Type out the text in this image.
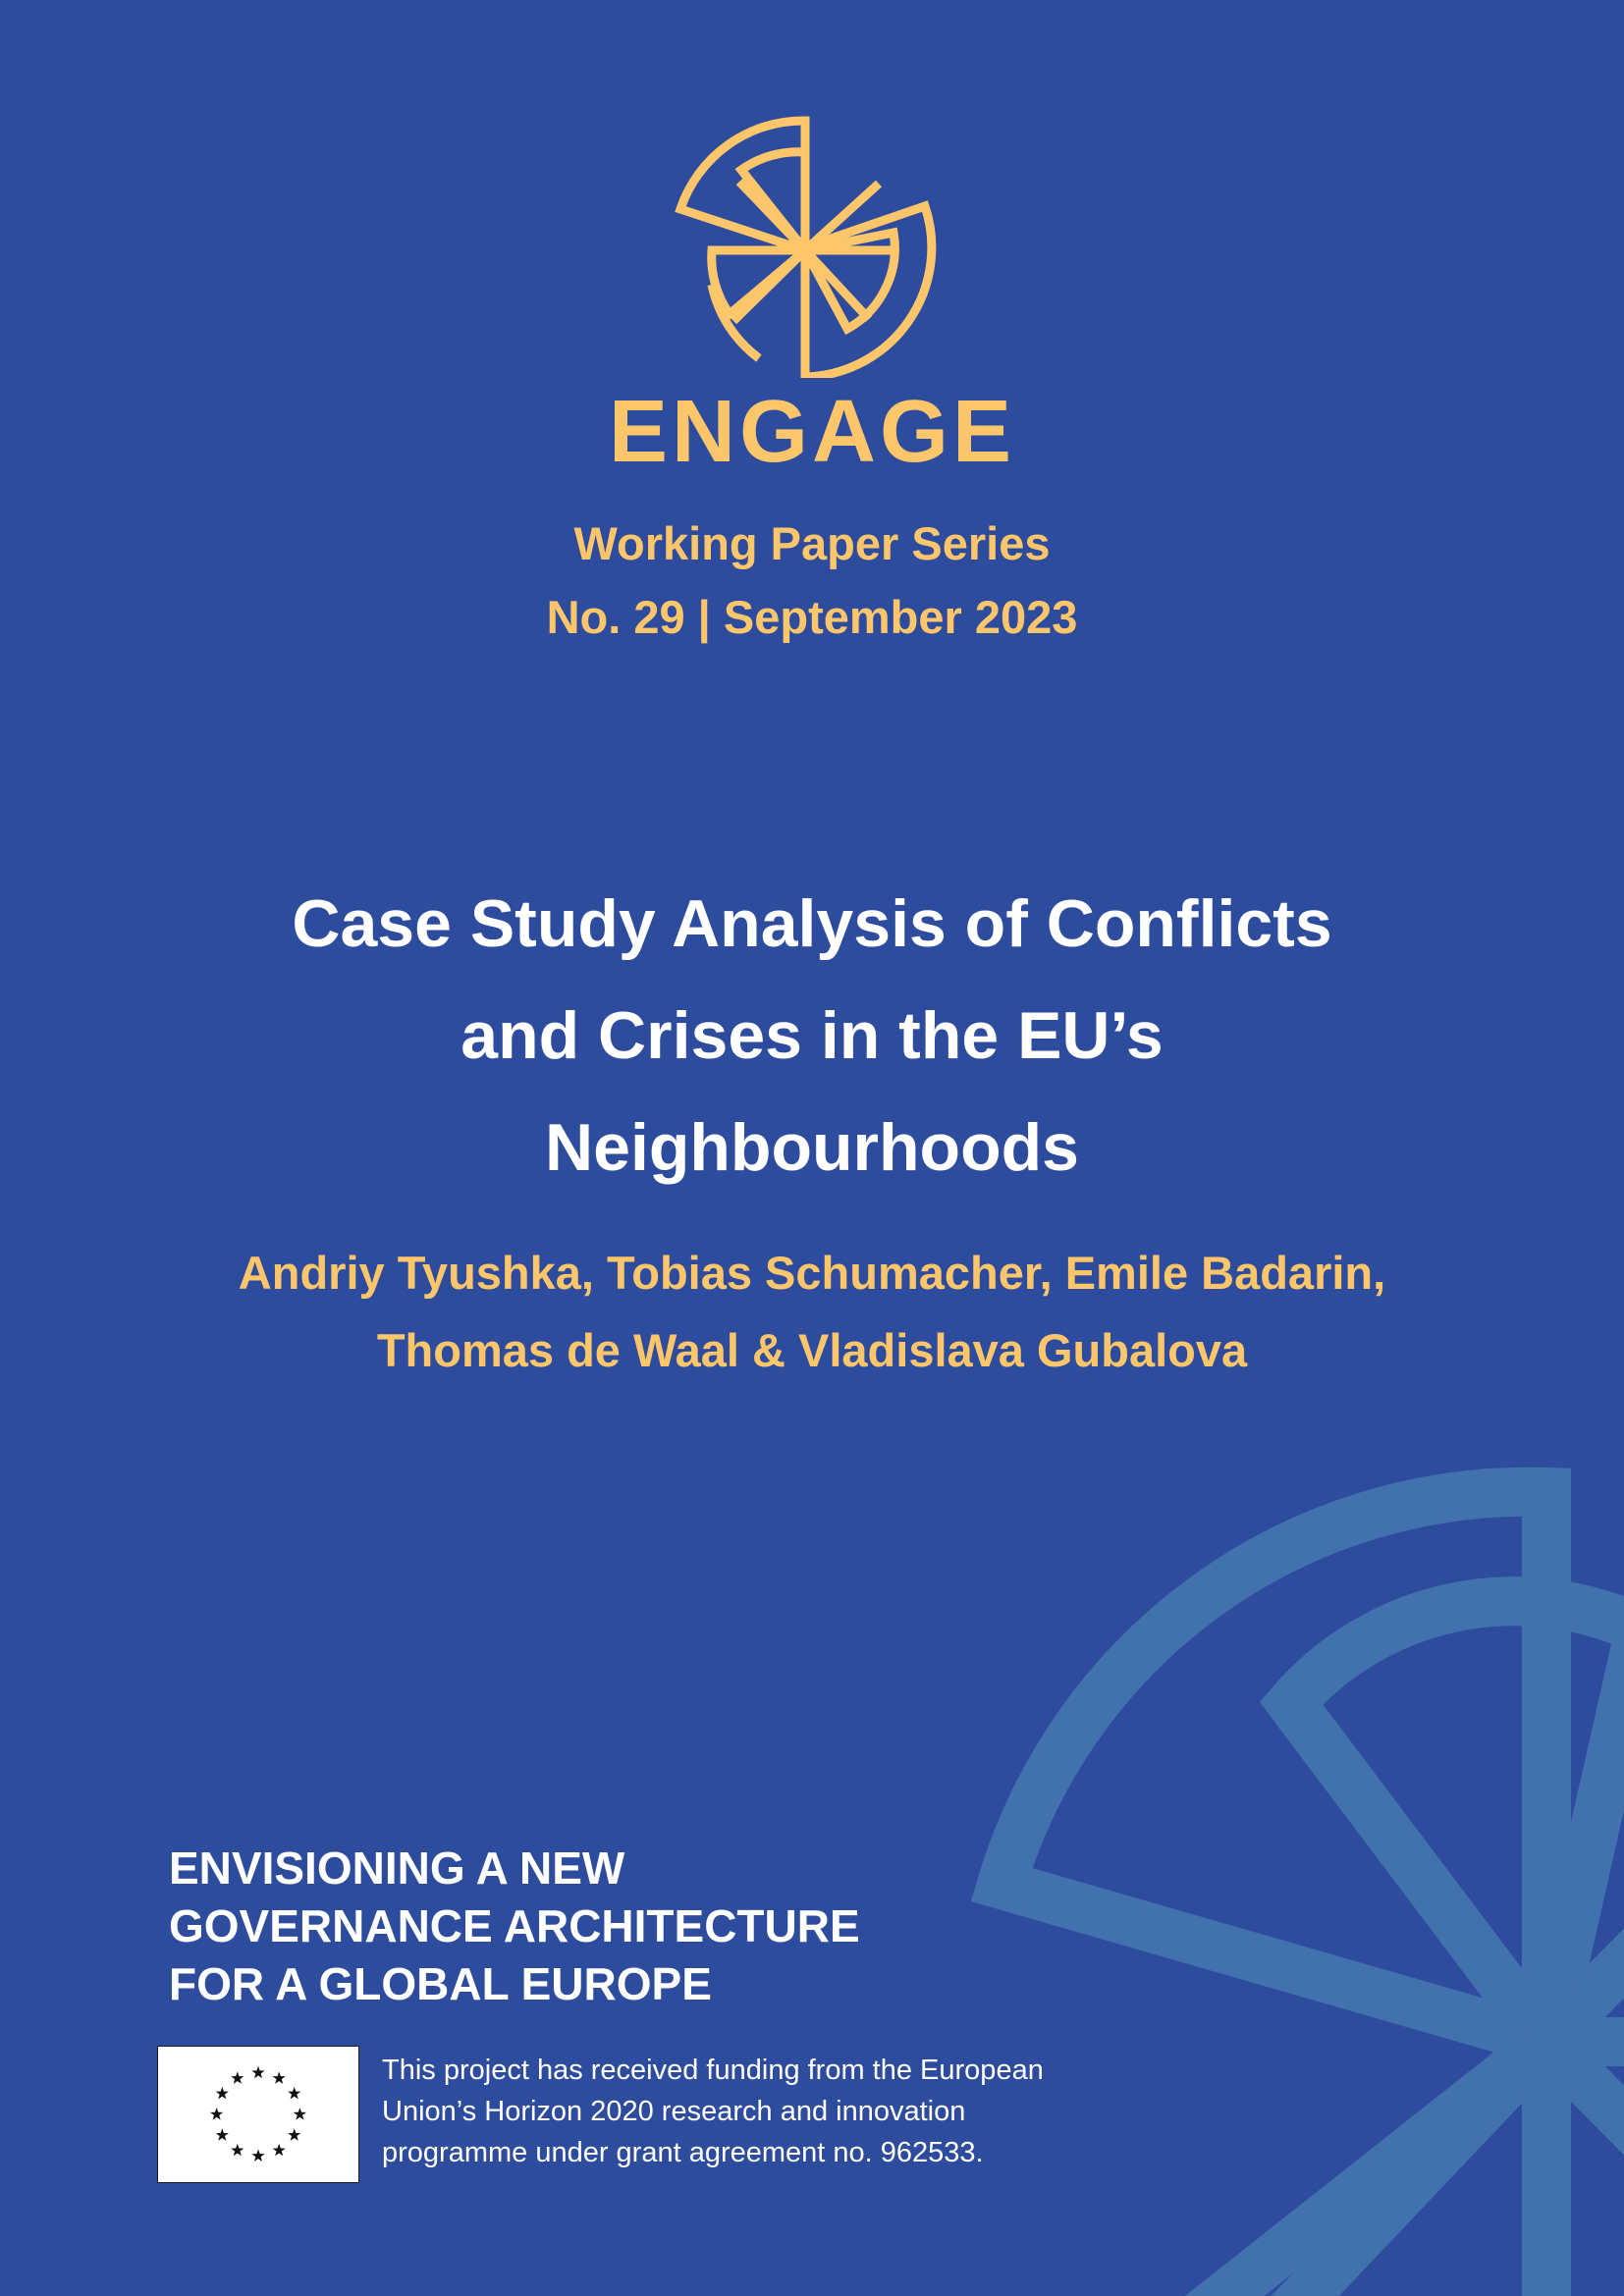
ENGAGE
Working Paper Series
No. 29 | September 2023
Case Study Analysis of Conflicts
and Crises in the EU’s
Neighbourhoods
Andriy Tyushka, Tobias Schumacher, Emile Badarin,
Thomas de Waal & Vladislava Gubalova
ENVISIONING A NEW
GOVERNANCE ARCHITECTURE
FOR A GLOBAL EUROPE
This project has received funding from the European
Union’s Horizon 2020 research and innovation
programme under grant agreement no. 962533.
